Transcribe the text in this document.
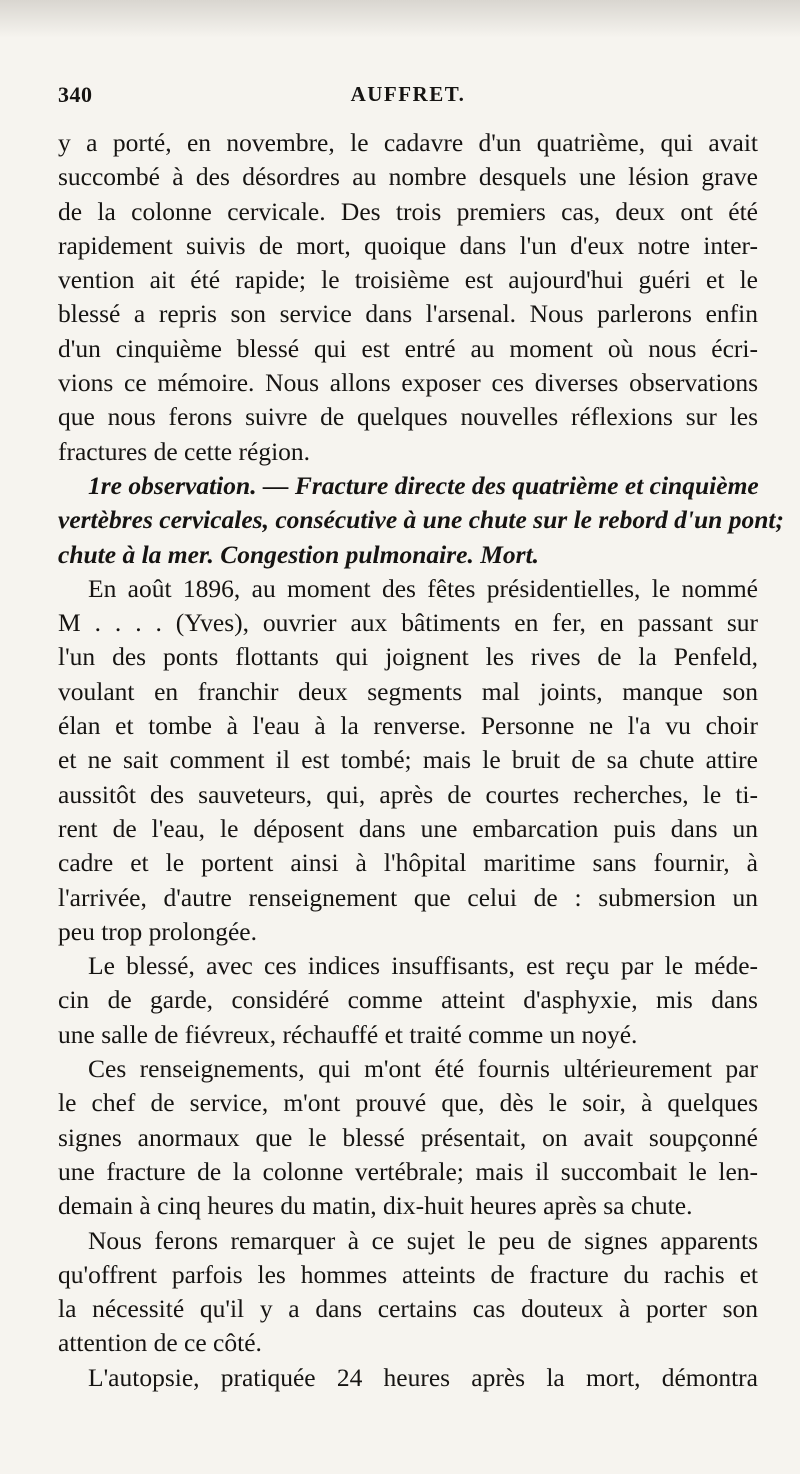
340	AUFFRET.
y a porté, en novembre, le cadavre d'un quatrième, qui avait
succombé à des désordres au nombre desquels une lésion grave
de la colonne cervicale. Des trois premiers cas, deux ont été
rapidement suivis de mort, quoique dans l'un d'eux notre inter-
vention ait été rapide; le troisième est aujourd'hui guéri et le
blessé a repris son service dans l'arsenal. Nous parlerons enfin
d'un cinquième blessé qui est entré au moment où nous écri-
vions ce mémoire. Nous allons exposer ces diverses observations
que nous ferons suivre de quelques nouvelles réflexions sur les
fractures de cette région.
1re observation. — Fracture directe des quatrième et cinquième
vertèbres cervicales, consécutive à une chute sur le rebord d'un pont;
chute à la mer. Congestion pulmonaire. Mort.
En août 1896, au moment des fêtes présidentielles, le nommé
M . . . . (Yves), ouvrier aux bâtiments en fer, en passant sur
l'un des ponts flottants qui joignent les rives de la Penfeld,
voulant en franchir deux segments mal joints, manque son
élan et tombe à l'eau à la renverse. Personne ne l'a vu choir
et ne sait comment il est tombé; mais le bruit de sa chute attire
aussitôt des sauveteurs, qui, après de courtes recherches, le ti-
rent de l'eau, le déposent dans une embarcation puis dans un
cadre et le portent ainsi à l'hôpital maritime sans fournir, à
l'arrivée, d'autre renseignement que celui de : submersion un
peu trop prolongée.
Le blessé, avec ces indices insuffisants, est reçu par le méde-
cin de garde, considéré comme atteint d'asphyxie, mis dans
une salle de fiévreux, réchauffé et traité comme un noyé.
Ces renseignements, qui m'ont été fournis ultérieurement par
le chef de service, m'ont prouvé que, dès le soir, à quelques
signes anormaux que le blessé présentait, on avait soupçonné
une fracture de la colonne vertébrale; mais il succombait le len-
demain à cinq heures du matin, dix-huit heures après sa chute.
Nous ferons remarquer à ce sujet le peu de signes apparents
qu'offrent parfois les hommes atteints de fracture du rachis et
la nécessité qu'il y a dans certains cas douteux à porter son
attention de ce côté.
L'autopsie, pratiquée 24 heures après la mort, démontra
